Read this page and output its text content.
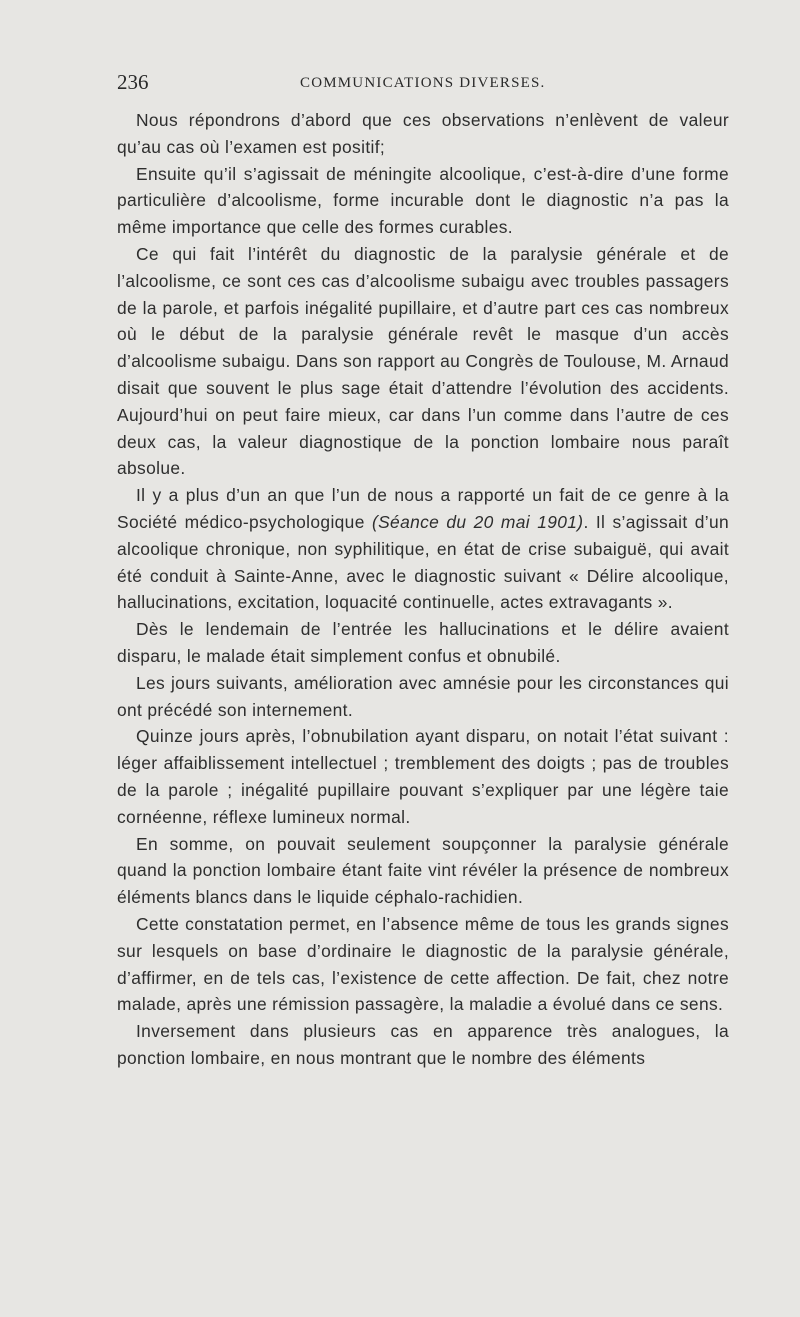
236	COMMUNICATIONS DIVERSES.

Nous répondrons d’abord que ces observations n’enlèvent de valeur qu’au cas où l’examen est positif;

Ensuite qu’il s’agissait de méningite alcoolique, c’est-à-dire d’une forme particulière d’alcoolisme, forme incurable dont le diagnostic n’a pas la même importance que celle des formes curables.

Ce qui fait l’intérêt du diagnostic de la paralysie générale et de l’alcoolisme, ce sont ces cas d’alcoolisme subaigu avec troubles passagers de la parole, et parfois inégalité pupillaire, et d’autre part ces cas nombreux où le début de la paralysie générale revêt le masque d’un accès d’alcoolisme subaigu. Dans son rapport au Congrès de Toulouse, M. Arnaud disait que souvent le plus sage était d’attendre l’évolution des accidents. Aujourd’hui on peut faire mieux, car dans l’un comme dans l’autre de ces deux cas, la valeur diagnostique de la ponction lombaire nous paraît absolue.

Il y a plus d’un an que l’un de nous a rapporté un fait de ce genre à la Société médico-psychologique (Séance du 20 mai 1901). Il s’agissait d’un alcoolique chronique, non syphilitique, en état de crise subaiguë, qui avait été conduit à Sainte-Anne, avec le diagnostic suivant « Délire alcoolique, hallucinations, excitation, loquacité continuelle, actes extravagants ».

Dès le lendemain de l’entrée les hallucinations et le délire avaient disparu, le malade était simplement confus et obnubilé.

Les jours suivants, amélioration avec amnésie pour les circonstances qui ont précédé son internement.

Quinze jours après, l’obnubilation ayant disparu, on notait l’état suivant : léger affaiblissement intellectuel ; tremblement des doigts ; pas de troubles de la parole ; inégalité pupillaire pouvant s’expliquer par une légère taie cornéenne, réflexe lumineux normal.

En somme, on pouvait seulement soupçonner la paralysie générale quand la ponction lombaire étant faite vint révéler la présence de nombreux éléments blancs dans le liquide céphalo-rachidien.

Cette constatation permet, en l’absence même de tous les grands signes sur lesquels on base d’ordinaire le diagnostic de la paralysie générale, d’affirmer, en de tels cas, l’existence de cette affection. De fait, chez notre malade, après une rémission passagère, la maladie a évolué dans ce sens.

Inversement dans plusieurs cas en apparence très analogues, la ponction lombaire, en nous montrant que le nombre des éléments
